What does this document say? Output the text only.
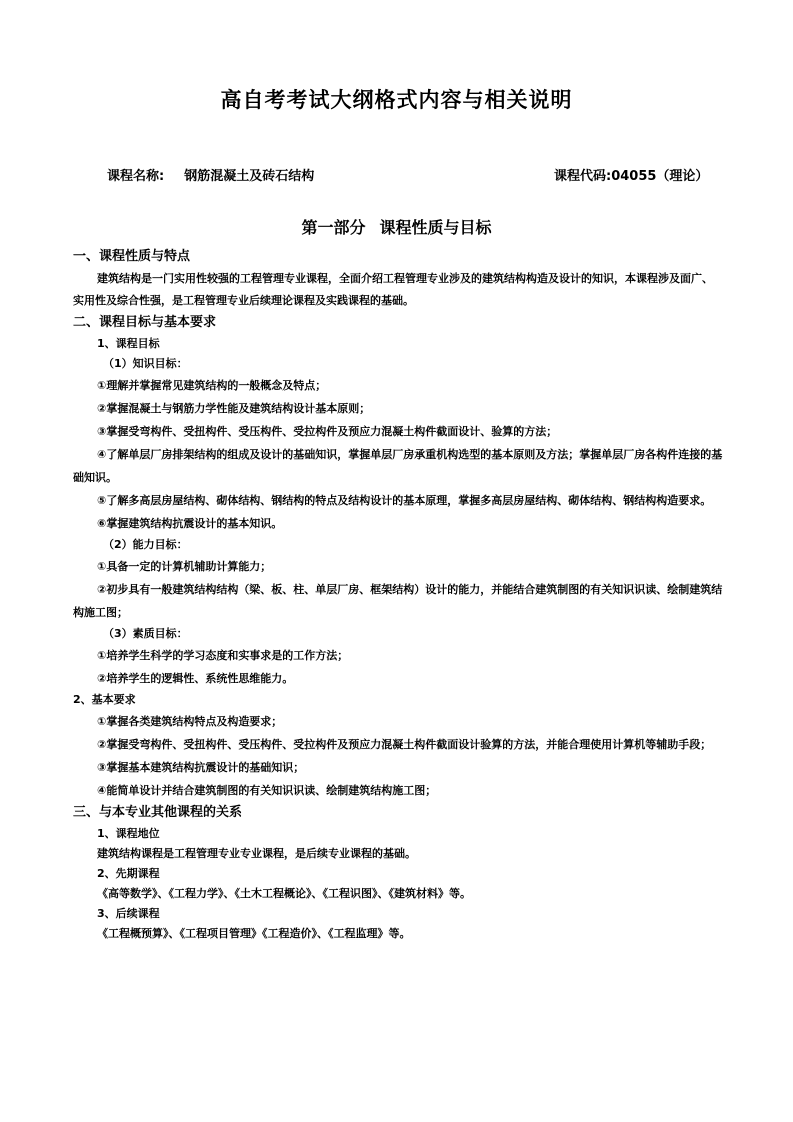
高自考考试大纲格式内容与相关说明
课程名称: 钢筋混凝土及砖石结构	课程代码:04055（理论）
第一部分 课程性质与目标

一、课程性质与特点

建筑结构是一门实用性较强的工程管理专业课程，全面介绍工程管理专业涉及的建筑结构构造及设计的知识，本课程涉及面广、实用性及综合性强，是工程管理专业后续理论课程及实践课程的基础。

二、课程目标与基本要求

1、课程目标

（1）知识目标：

①理解并掌握常见建筑结构的一般概念及特点；

②掌握混凝土与钢筋力学性能及建筑结构设计基本原则；

③掌握受弯构件、受扭构件、受压构件、受拉构件及预应力混凝土构件截面设计、验算的方法；

④了解单层厂房排架结构的组成及设计的基础知识，掌握单层厂房承重机构选型的基本原则及方法；掌握单层厂房各构件连接的基础知识。

⑤了解多高层房屋结构、砌体结构、钢结构的特点及结构设计的基本原理，掌握多高层房屋结构、砌体结构、钢结构构造要求。

⑥掌握建筑结构抗震设计的基本知识。

（2）能力目标：

①具备一定的计算机辅助计算能力；

②初步具有一般建筑结构结构（梁、板、柱、单层厂房、框架结构）设计的能力，并能结合建筑制图的有关知识识读、绘制建筑结构施工图；

（3）素质目标：

①培养学生科学的学习态度和实事求是的工作方法；

②培养学生的逻辑性、系统性思维能力。

2、基本要求

①掌握各类建筑结构特点及构造要求；

②掌握受弯构件、受扭构件、受压构件、受拉构件及预应力混凝土构件截面设计验算的方法，并能合理使用计算机等辅助手段；

③掌握基本建筑结构抗震设计的基础知识；

④能简单设计并结合建筑制图的有关知识识读、绘制建筑结构施工图；

三、与本专业其他课程的关系

1、课程地位

建筑结构课程是工程管理专业专业课程，是后续专业课程的基础。

2、先期课程

《高等数学》、《工程力学》、《土木工程概论》、《工程识图》、《建筑材料》等。

3、后续课程

《工程概预算》、《工程项目管理》《工程造价》、《工程监理》等。
